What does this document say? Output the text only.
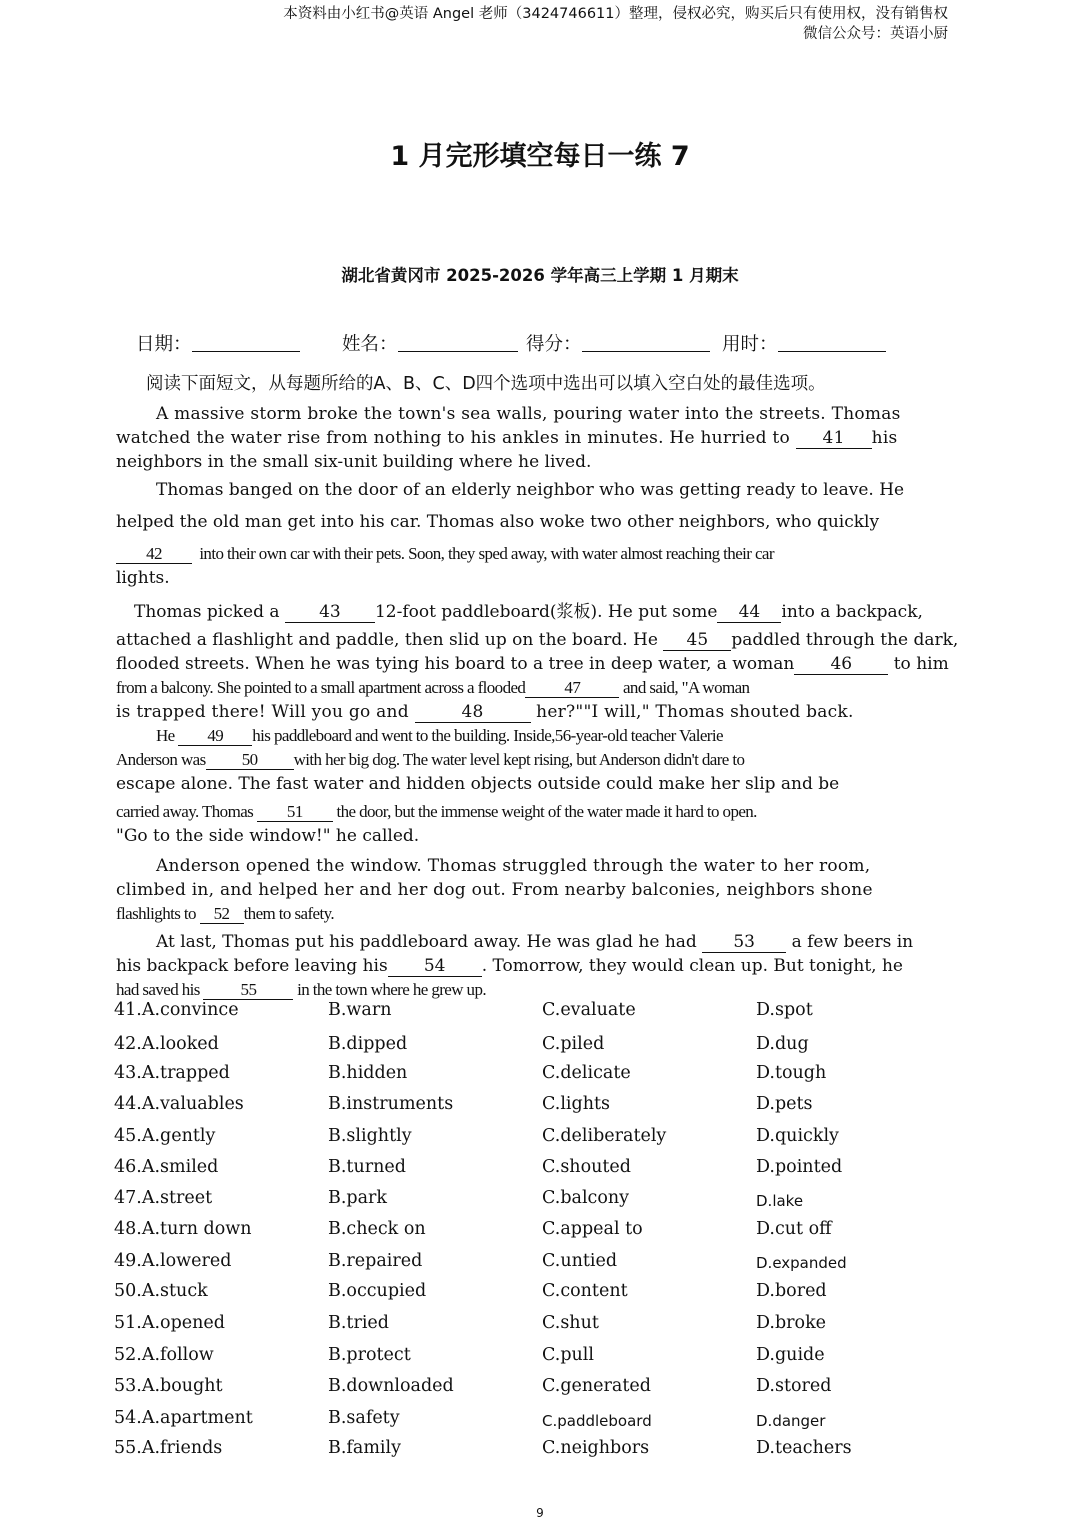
本资料由小红书@英语 Angel 老师（3424746611）整理，侵权必究，购买后只有使用权，没有销售权
微信公众号：英语小厨
1 月完形填空每日一练 7
湖北省黄冈市 2025-2026 学年高三上学期 1 月期末
日期：	姓名：	得分：	用时：
阅读下面短文，从每题所给的A、B、C、D四个选项中选出可以填入空白处的最佳选项。

A massive storm broke the town's sea walls, pouring water into the streets. Thomas

watched the water rise from nothing to his ankles in minutes. He hurried to 41 his

neighbors in the small six-unit building where he lived.

Thomas banged on the door of an elderly neighbor who was getting ready to leave. He

helped the old man get into his car. Thomas also woke two other neighbors, who quickly

42 into their own car with their pets. Soon, they sped away, with water almost reaching their car

lights.

Thomas picked a 43 12-foot paddleboard(浆板). He put some 44 into a backpack,

attached a flashlight and paddle, then slid up on the board. He 45 paddled through the dark,

flooded streets. When he was tying his board to a tree in deep water, a woman 46 to him

from a balcony. She pointed to a small apartment across a flooded 47	and said, "A woman

is trapped there! Will you go and	48	her?""I will," Thomas shouted back.

He 49 his paddleboard and went to the building. Inside,56-year-old teacher Valerie

Anderson was 50 with her big dog. The water level kept rising, but Anderson didn't dare to

escape alone. The fast water and hidden objects outside could make her slip and be

carried away. Thomas 51 the door, but the immense weight of the water made it hard to open.

"Go to the side window!" he called.

Anderson opened the window. Thomas struggled through the water to her room,

climbed in, and helped her and her dog out. From nearby balconies, neighbors shone

flashlights to 52 them to safety.

At last, Thomas put his paddleboard away. He was glad he had 53 a few beers in

his backpack before leaving his 54 . Tomorrow, they would clean up. But tonight, he

had saved his 55 in the town where he grew up.

41.A.convince	B.warn	C.evaluate	D.spot
42.A.looked	B.dipped	C.piled	D.dug
43.A.trapped	B.hidden	C.delicate	D.tough
44.A.valuables	B.instruments	C.lights	D.pets
45.A.gently	B.slightly	C.deliberately	D.quickly
46.A.smiled	B.turned	C.shouted	D.pointed
47.A.street	B.park	C.balcony	D.lake
48.A.turn down	B.check on	C.appeal to	D.cut off
49.A.lowered	B.repaired	C.untied	D.expanded
50.A.stuck	B.occupied	C.content	D.bored
51.A.opened	B.tried	C.shut	D.broke
52.A.follow	B.protect	C.pull	D.guide
53.A.bought	B.downloaded	C.generated	D.stored
54.A.apartment	B.safety	C.paddleboard	D.danger
55.A.friends	B.family	C.neighbors	D.teachers
9
